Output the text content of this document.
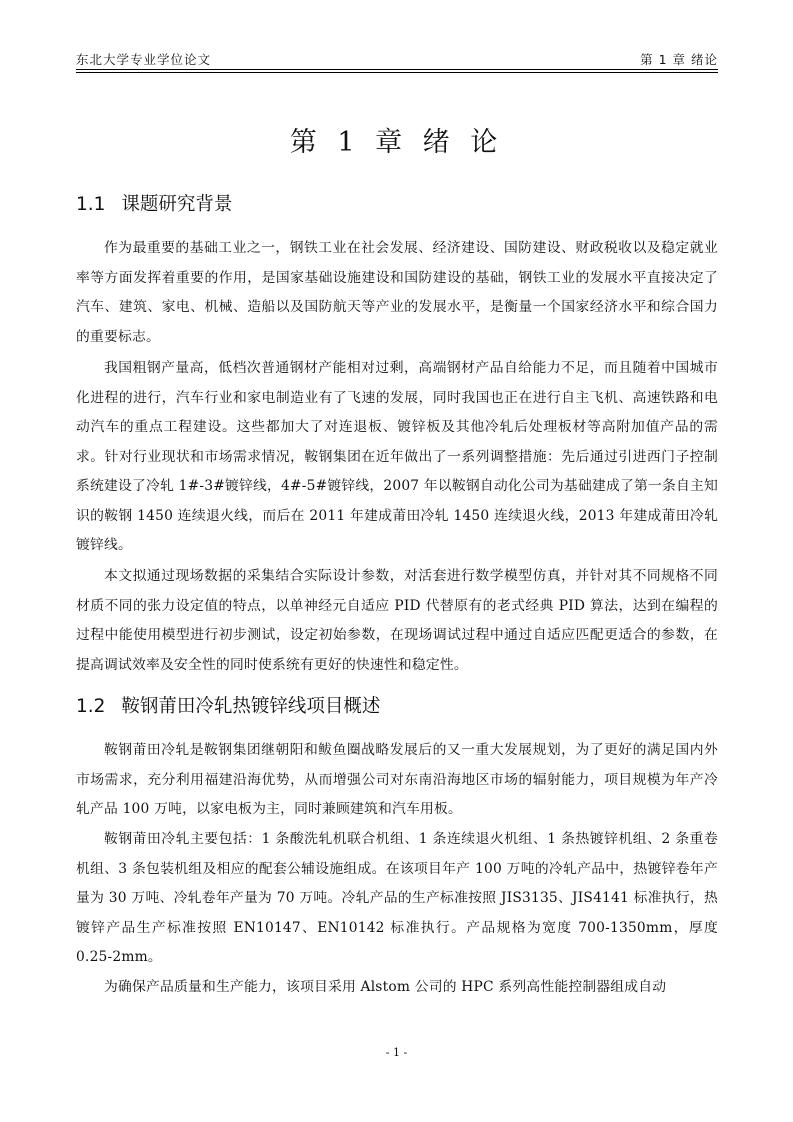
东北大学专业学位论文	第 1 章 绪论
第 1 章 绪 论
1.1 课题研究背景

作为最重要的基础工业之一，钢铁工业在社会发展、经济建设、国防建设、财政税收以及稳定就业率等方面发挥着重要的作用，是国家基础设施建设和国防建设的基础，钢铁工业的发展水平直接决定了汽车、建筑、家电、机械、造船以及国防航天等产业的发展水平，是衡量一个国家经济水平和综合国力的重要标志。

我国粗钢产量高，低档次普通钢材产能相对过剩，高端钢材产品自给能力不足，而且随着中国城市化进程的进行，汽车行业和家电制造业有了飞速的发展，同时我国也正在进行自主飞机、高速铁路和电动汽车的重点工程建设。这些都加大了对连退板、镀锌板及其他冷轧后处理板材等高附加值产品的需求。针对行业现状和市场需求情况，鞍钢集团在近年做出了一系列调整措施：先后通过引进西门子控制系统建设了冷轧 1#-3#镀锌线，4#-5#镀锌线，2007 年以鞍钢自动化公司为基础建成了第一条自主知识的鞍钢 1450 连续退火线，而后在 2011 年建成莆田冷轧 1450 连续退火线，2013 年建成莆田冷轧镀锌线。

本文拟通过现场数据的采集结合实际设计参数，对活套进行数学模型仿真，并针对其不同规格不同材质不同的张力设定值的特点，以单神经元自适应 PID 代替原有的老式经典 PID 算法，达到在编程的过程中能使用模型进行初步测试，设定初始参数，在现场调试过程中通过自适应匹配更适合的参数，在提高调试效率及安全性的同时使系统有更好的快速性和稳定性。

1.2 鞍钢莆田冷轧热镀锌线项目概述

鞍钢莆田冷轧是鞍钢集团继朝阳和鲅鱼圈战略发展后的又一重大发展规划，为了更好的满足国内外市场需求，充分利用福建沿海优势，从而增强公司对东南沿海地区市场的辐射能力，项目规模为年产冷轧产品 100 万吨，以家电板为主，同时兼顾建筑和汽车用板。

鞍钢莆田冷轧主要包括：1 条酸洗轧机联合机组、1 条连续退火机组、1 条热镀锌机组、2 条重卷机组、3 条包装机组及相应的配套公辅设施组成。在该项目年产 100 万吨的冷轧产品中，热镀锌卷年产量为 30 万吨、冷轧卷年产量为 70 万吨。冷轧产品的生产标准按照 JIS3135、JIS4141 标准执行，热镀锌产品生产标准按照 EN10147、EN10142 标准执行。产品规格为宽度 700-1350mm，厚度 0.25-2mm。

为确保产品质量和生产能力，该项目采用 Alstom 公司的 HPC 系列高性能控制器组成自动

- 1 -
